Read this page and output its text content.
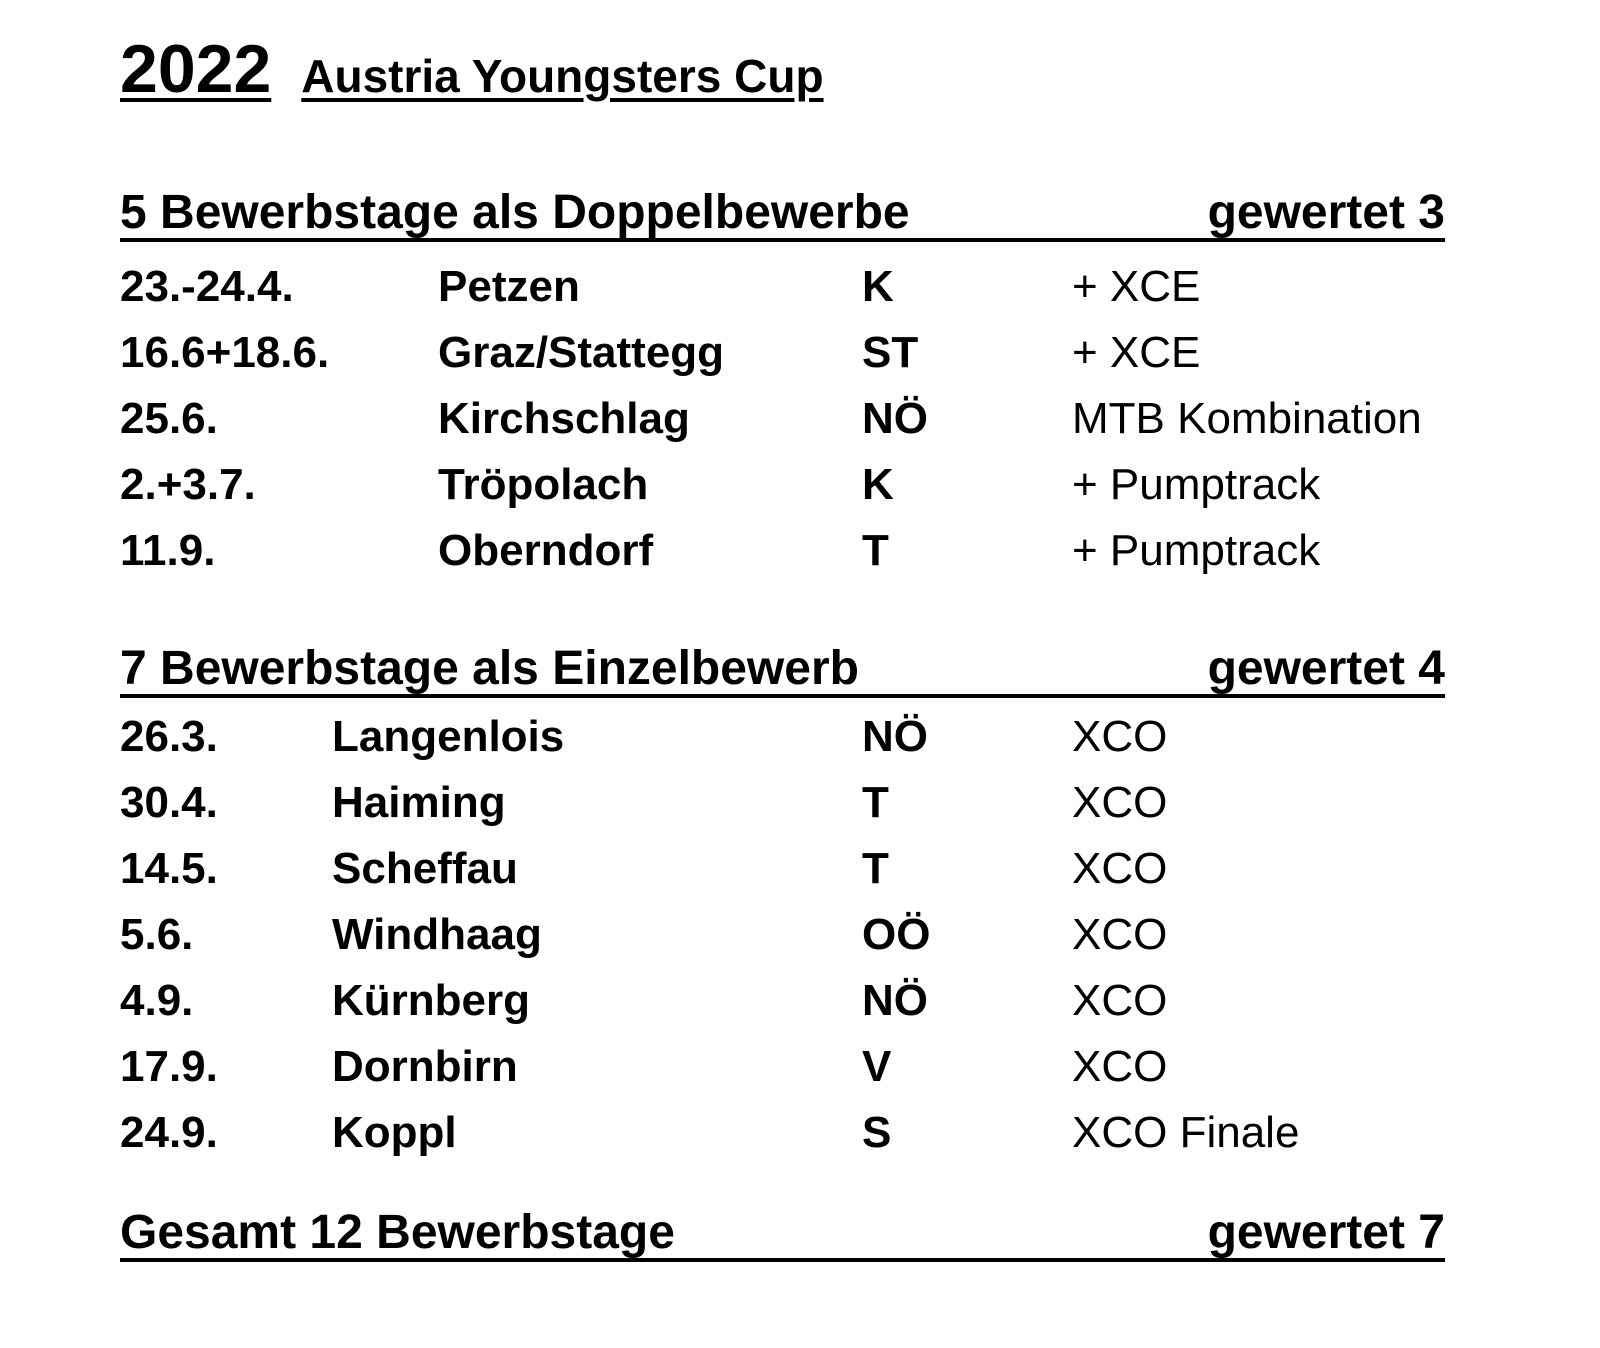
2022 Austria Youngsters Cup
5 Bewerbstage als Doppelbewerbe	gewertet 3
23.-24.4.	Petzen	K	+ XCE
16.6+18.6. Graz/Stattegg	ST	+ XCE
25.6.	Kirchschlag	NÖ	MTB Kombination
2.+3.7.	Tröpolach	K	+ Pumptrack
11.9.	Oberndorf	T	+ Pumptrack
7 Bewerbstage als Einzelbewerb	gewertet 4
26.3.	Langenlois	NÖ	XCO
30.4.	Haiming	T	XCO
14.5.	Scheffau	T	XCO
5.6.	Windhaag	OÖ	XCO
4.9.	Kürnberg	NÖ	XCO
17.9.	Dornbirn	V	XCO
24.9.	Koppl	S	XCO Finale
Gesamt 12 Bewerbstage	gewertet 7
